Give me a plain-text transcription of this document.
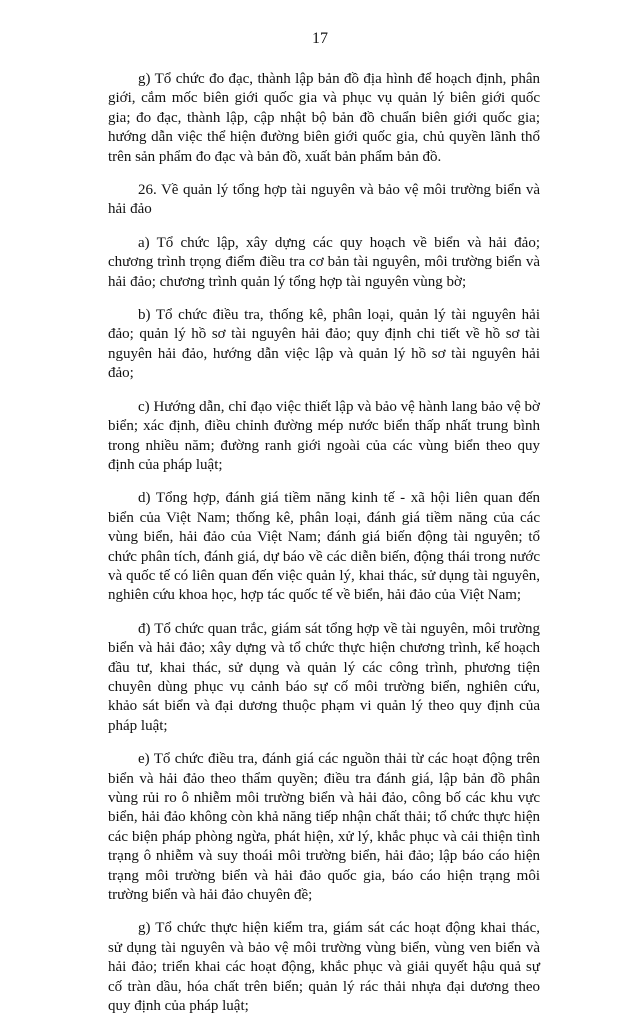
17

g) Tổ chức đo đạc, thành lập bản đồ địa hình để hoạch định, phân giới, cắm mốc biên giới quốc gia và phục vụ quản lý biên giới quốc gia; đo đạc, thành lập, cập nhật bộ bản đồ chuẩn biên giới quốc gia; hướng dẫn việc thể hiện đường biên giới quốc gia, chủ quyền lãnh thổ trên sản phẩm đo đạc và bản đồ, xuất bản phẩm bản đồ.

26. Về quản lý tổng hợp tài nguyên và bảo vệ môi trường biển và hải đảo

a) Tổ chức lập, xây dựng các quy hoạch về biển và hải đảo; chương trình trọng điểm điều tra cơ bản tài nguyên, môi trường biển và hải đảo; chương trình quản lý tổng hợp tài nguyên vùng bờ;

b) Tổ chức điều tra, thống kê, phân loại, quản lý tài nguyên hải đảo; quản lý hồ sơ tài nguyên hải đảo; quy định chi tiết về hồ sơ tài nguyên hải đảo, hướng dẫn việc lập và quản lý hồ sơ tài nguyên hải đảo;

c) Hướng dẫn, chỉ đạo việc thiết lập và bảo vệ hành lang bảo vệ bờ biển; xác định, điều chỉnh đường mép nước biển thấp nhất trung bình trong nhiều năm; đường ranh giới ngoài của các vùng biển theo quy định của pháp luật;

d) Tổng hợp, đánh giá tiềm năng kinh tế - xã hội liên quan đến biển của Việt Nam; thống kê, phân loại, đánh giá tiềm năng của các vùng biển, hải đảo của Việt Nam; đánh giá biến động tài nguyên; tổ chức phân tích, đánh giá, dự báo về các diễn biến, động thái trong nước và quốc tế có liên quan đến việc quản lý, khai thác, sử dụng tài nguyên, nghiên cứu khoa học, hợp tác quốc tế về biển, hải đảo của Việt Nam;

đ) Tổ chức quan trắc, giám sát tổng hợp về tài nguyên, môi trường biển và hải đảo; xây dựng và tổ chức thực hiện chương trình, kế hoạch đầu tư, khai thác, sử dụng và quản lý các công trình, phương tiện chuyên dùng phục vụ cảnh báo sự cố môi trường biển, nghiên cứu, khảo sát biển và đại dương thuộc phạm vi quản lý theo quy định của pháp luật;

e) Tổ chức điều tra, đánh giá các nguồn thải từ các hoạt động trên biển và hải đảo theo thẩm quyền; điều tra đánh giá, lập bản đồ phân vùng rủi ro ô nhiễm môi trường biển và hải đảo, công bố các khu vực biển, hải đảo không còn khả năng tiếp nhận chất thải; tổ chức thực hiện các biện pháp phòng ngừa, phát hiện, xử lý, khắc phục và cải thiện tình trạng ô nhiễm và suy thoái môi trường biển, hải đảo; lập báo cáo hiện trạng môi trường biển và hải đảo quốc gia, báo cáo hiện trạng môi trường biển và hải đảo chuyên đề;

g) Tổ chức thực hiện kiểm tra, giám sát các hoạt động khai thác, sử dụng tài nguyên và bảo vệ môi trường vùng biển, vùng ven biển và hải đảo; triển khai các hoạt động, khắc phục và giải quyết hậu quả sự cố tràn dầu, hóa chất trên biển; quản lý rác thải nhựa đại dương theo quy định của pháp luật;
